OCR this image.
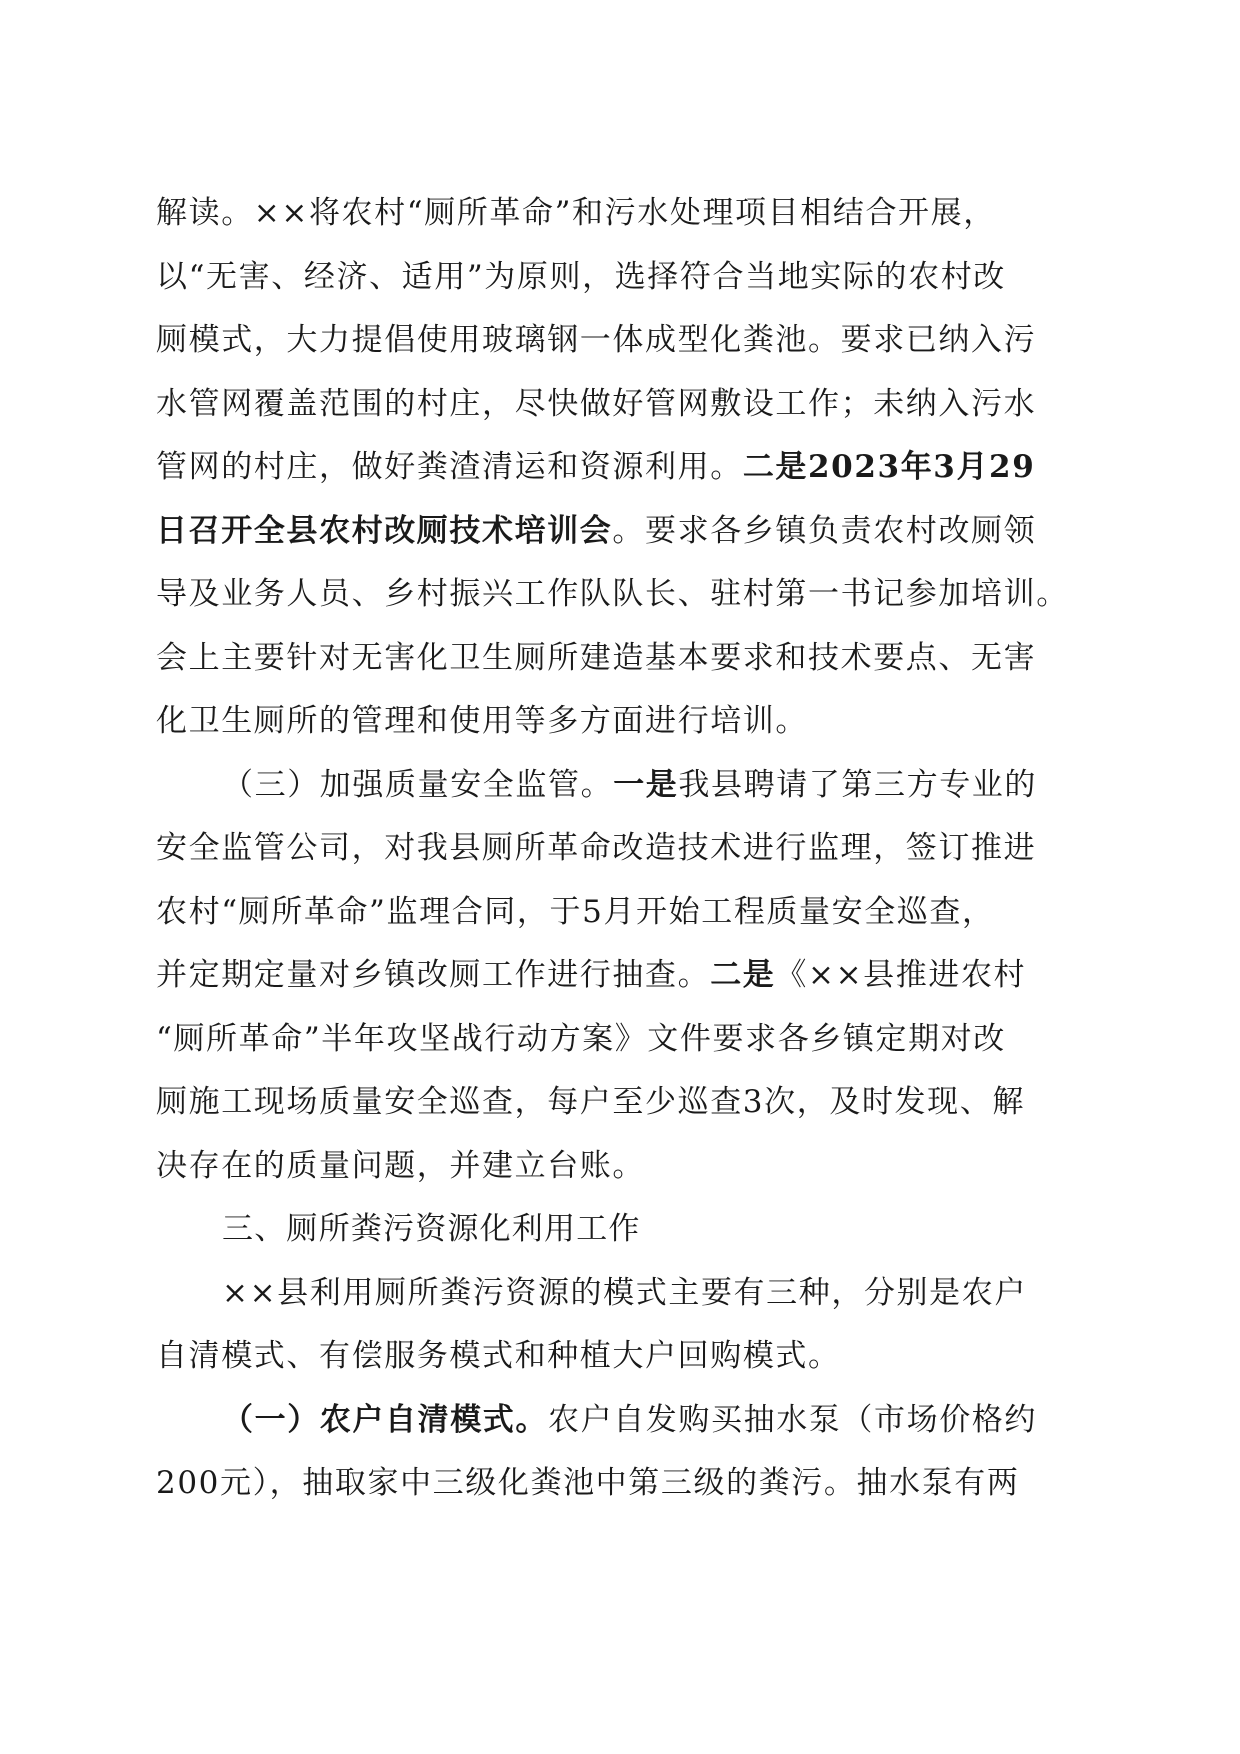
解读。××将农村“厕所革命”和污水处理项目相结合开展，
以“无害、经济、适用”为原则，选择符合当地实际的农村改
厕模式，大力提倡使用玻璃钢一体成型化粪池。要求已纳入污
水管网覆盖范围的村庄，尽快做好管网敷设工作；未纳入污水
管网的村庄，做好粪渣清运和资源利用。二是2023年3月29
日召开全县农村改厕技术培训会。要求各乡镇负责农村改厕领
导及业务人员、乡村振兴工作队队长、驻村第一书记参加培训。
会上主要针对无害化卫生厕所建造基本要求和技术要点、无害
化卫生厕所的管理和使用等多方面进行培训。
（三）加强质量安全监管。一是我县聘请了第三方专业的
安全监管公司，对我县厕所革命改造技术进行监理，签订推进
农村“厕所革命”监理合同，于5月开始工程质量安全巡查，
并定期定量对乡镇改厕工作进行抽查。二是《××县推进农村
“厕所革命”半年攻坚战行动方案》文件要求各乡镇定期对改
厕施工现场质量安全巡查，每户至少巡查3次，及时发现、解
决存在的质量问题，并建立台账。
三、厕所粪污资源化利用工作
××县利用厕所粪污资源的模式主要有三种，分别是农户
自清模式、有偿服务模式和种植大户回购模式。
（一）农户自清模式。农户自发购买抽水泵（市场价格约
200元），抽取家中三级化粪池中第三级的粪污。抽水泵有两
